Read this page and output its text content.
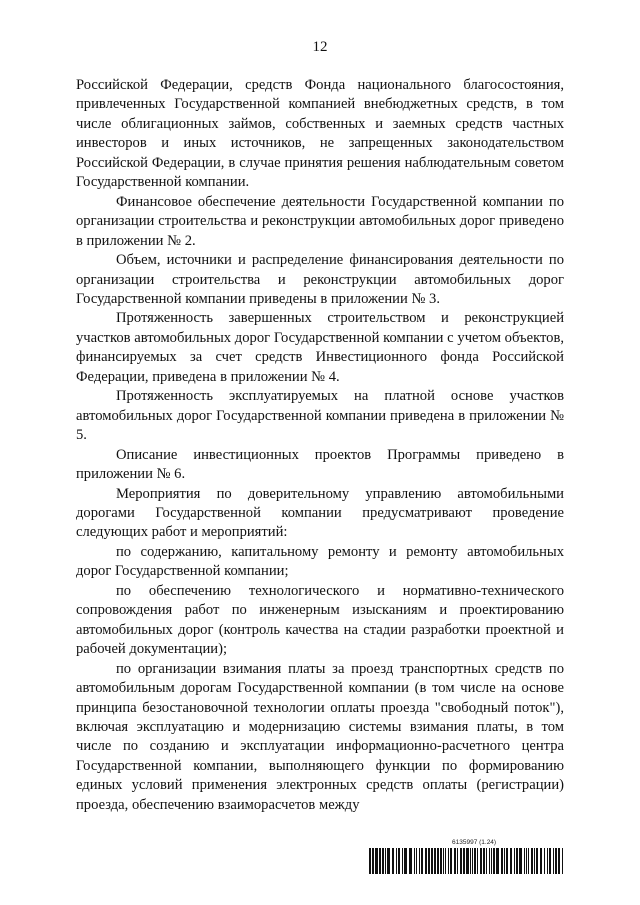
12

Российской Федерации, средств Фонда национального благосостояния, привлеченных Государственной компанией внебюджетных средств, в том числе облигационных займов, собственных и заемных средств частных инвесторов и иных источников, не запрещенных законодательством Российской Федерации, в случае принятия решения наблюдательным советом Государственной компании.

Финансовое обеспечение деятельности Государственной компании по организации строительства и реконструкции автомобильных дорог приведено в приложении № 2.

Объем, источники и распределение финансирования деятельности по организации строительства и реконструкции автомобильных дорог Государственной компании приведены в приложении № 3.

Протяженность завершенных строительством и реконструкцией участков автомобильных дорог Государственной компании с учетом объектов, финансируемых за счет средств Инвестиционного фонда Российской Федерации, приведена в приложении № 4.

Протяженность эксплуатируемых на платной основе участков автомобильных дорог Государственной компании приведена в приложении № 5.

Описание инвестиционных проектов Программы приведено в приложении № 6.

Мероприятия по доверительному управлению автомобильными дорогами Государственной компании предусматривают проведение следующих работ и мероприятий:

по содержанию, капитальному ремонту и ремонту автомобильных дорог Государственной компании;

по обеспечению технологического и нормативно-технического сопровождения работ по инженерным изысканиям и проектированию автомобильных дорог (контроль качества на стадии разработки проектной и рабочей документации);

по организации взимания платы за проезд транспортных средств по автомобильным дорогам Государственной компании (в том числе на основе принципа безостановочной технологии оплаты проезда "свободный поток"), включая эксплуатацию и модернизацию системы взимания платы, в том числе по созданию и эксплуатации информационно-расчетного центра Государственной компании, выполняющего функции по формированию единых условий применения электронных средств оплаты (регистрации) проезда, обеспечению взаиморасчетов между

6135997 (1.24)
